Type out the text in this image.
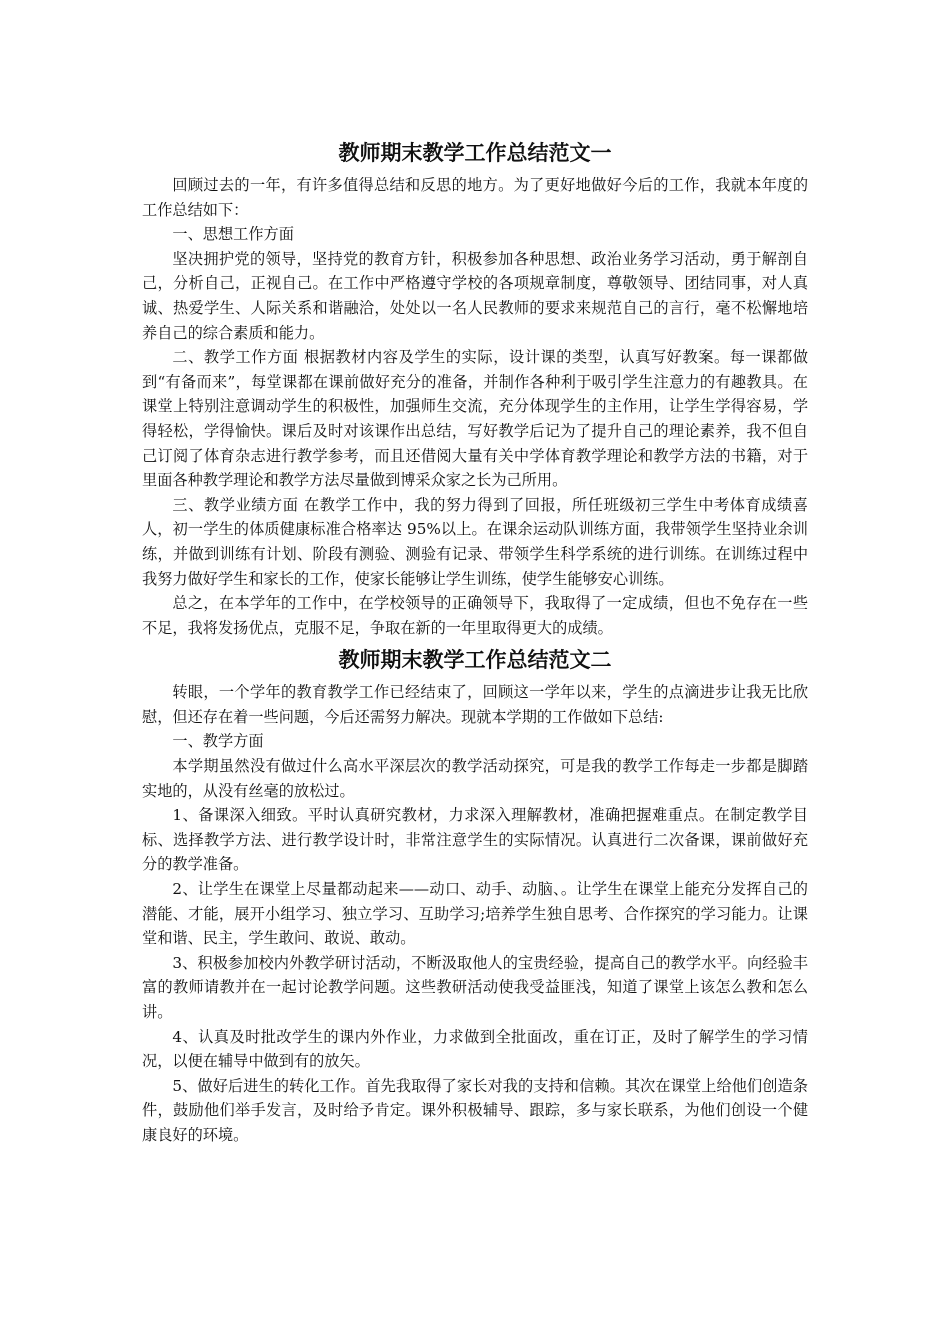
教师期末教学工作总结范文一

回顾过去的一年，有许多值得总结和反思的地方。为了更好地做好今后的工作，我就本年度的工作总结如下：

一、思想工作方面

坚决拥护党的领导，坚持党的教育方针，积极参加各种思想、政治业务学习活动，勇于解剖自己，分析自己，正视自己。在工作中严格遵守学校的各项规章制度，尊敬领导、团结同事，对人真诚、热爱学生、人际关系和谐融洽，处处以一名人民教师的要求来规范自己的言行，毫不松懈地培养自己的综合素质和能力。

二、教学工作方面 根据教材内容及学生的实际，设计课的类型，认真写好教案。每一课都做到“有备而来”，每堂课都在课前做好充分的准备，并制作各种利于吸引学生注意力的有趣教具。在课堂上特别注意调动学生的积极性，加强师生交流，充分体现学生的主作用，让学生学得容易，学得轻松，学得愉快。课后及时对该课作出总结，写好教学后记为了提升自己的理论素养，我不但自己订阅了体育杂志进行教学参考，而且还借阅大量有关中学体育教学理论和教学方法的书籍，对于里面各种教学理论和教学方法尽量做到博采众家之长为己所用。

三、教学业绩方面 在教学工作中，我的努力得到了回报，所任班级初三学生中考体育成绩喜人，初一学生的体质健康标准合格率达 95%以上。在课余运动队训练方面，我带领学生坚持业余训练，并做到训练有计划、阶段有测验、测验有记录、带领学生科学系统的进行训练。在训练过程中我努力做好学生和家长的工作，使家长能够让学生训练，使学生能够安心训练。

总之，在本学年的工作中，在学校领导的正确领导下，我取得了一定成绩，但也不免存在一些不足，我将发扬优点，克服不足，争取在新的一年里取得更大的成绩。

教师期末教学工作总结范文二

转眼，一个学年的教育教学工作已经结束了，回顾这一学年以来，学生的点滴进步让我无比欣慰，但还存在着一些问题，今后还需努力解决。现就本学期的工作做如下总结:

一、教学方面

本学期虽然没有做过什么高水平深层次的教学活动探究，可是我的教学工作每走一步都是脚踏实地的，从没有丝毫的放松过。

1、备课深入细致。平时认真研究教材，力求深入理解教材，准确把握难重点。在制定教学目标、选择教学方法、进行教学设计时，非常注意学生的实际情况。认真进行二次备课，课前做好充分的教学准备。

2、让学生在课堂上尽量都动起来——动口、动手、动脑、。让学生在课堂上能充分发挥自己的潜能、才能，展开小组学习、独立学习、互助学习;培养学生独自思考、合作探究的学习能力。让课堂和谐、民主，学生敢问、敢说、敢动。

3、积极参加校内外教学研讨活动，不断汲取他人的宝贵经验，提高自己的教学水平。向经验丰富的教师请教并在一起讨论教学问题。这些教研活动使我受益匪浅，知道了课堂上该怎么教和怎么讲。

4、认真及时批改学生的课内外作业，力求做到全批面改，重在订正，及时了解学生的学习情况，以便在辅导中做到有的放矢。

5、做好后进生的转化工作。首先我取得了家长对我的支持和信赖。其次在课堂上给他们创造条件，鼓励他们举手发言，及时给予肯定。课外积极辅导、跟踪，多与家长联系，为他们创设一个健康良好的环境。
